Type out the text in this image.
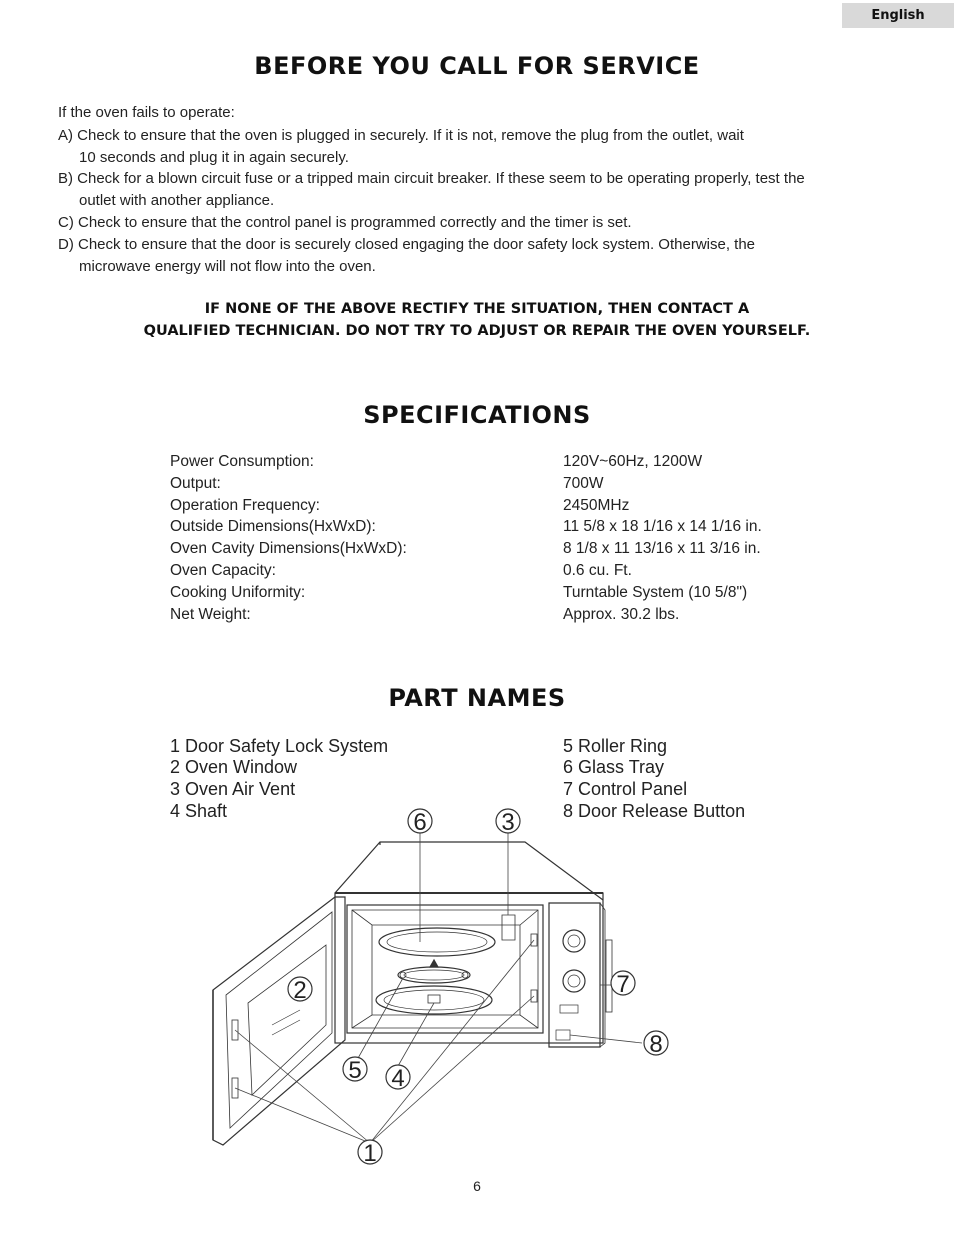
English
BEFORE YOU CALL FOR SERVICE
If the oven fails to operate:
A) Check to ensure that the oven is plugged in securely. If it is not, remove the plug from the outlet, wait
10 seconds and plug it in again securely.
B) Check for a blown circuit fuse or a tripped main circuit breaker. If these seem to be operating properly, test the
outlet with another appliance.
C) Check to ensure that the control panel is programmed correctly and the timer is set.
D) Check to ensure that the door is securely closed engaging the door safety lock system. Otherwise, the
microwave energy will not flow into the oven.
IF NONE OF THE ABOVE RECTIFY THE SITUATION, THEN CONTACT A
QUALIFIED TECHNICIAN. DO NOT TRY TO ADJUST OR REPAIR THE OVEN YOURSELF.
SPECIFICATIONS
Power Consumption:	120V~60Hz, 1200W
Output:	700W
Operation Frequency:	2450MHz
Outside Dimensions(HxWxD):	11 5/8 x 18 1/16 x 14 1/16 in.
Oven Cavity Dimensions(HxWxD):	8 1/8 x 11 13/16 x 11 3/16 in.
Oven Capacity:	0.6 cu. Ft.
Cooking Uniformity:	Turntable System (10 5/8")
Net Weight:	Approx. 30.2 lbs.
PART NAMES
1 Door Safety Lock System
2 Oven Window
3 Oven Air Vent
4 Shaft
5 Roller Ring
6 Glass Tray
7 Control Panel
8 Door Release Button
1
2
3
4
5
6
7
8
6
